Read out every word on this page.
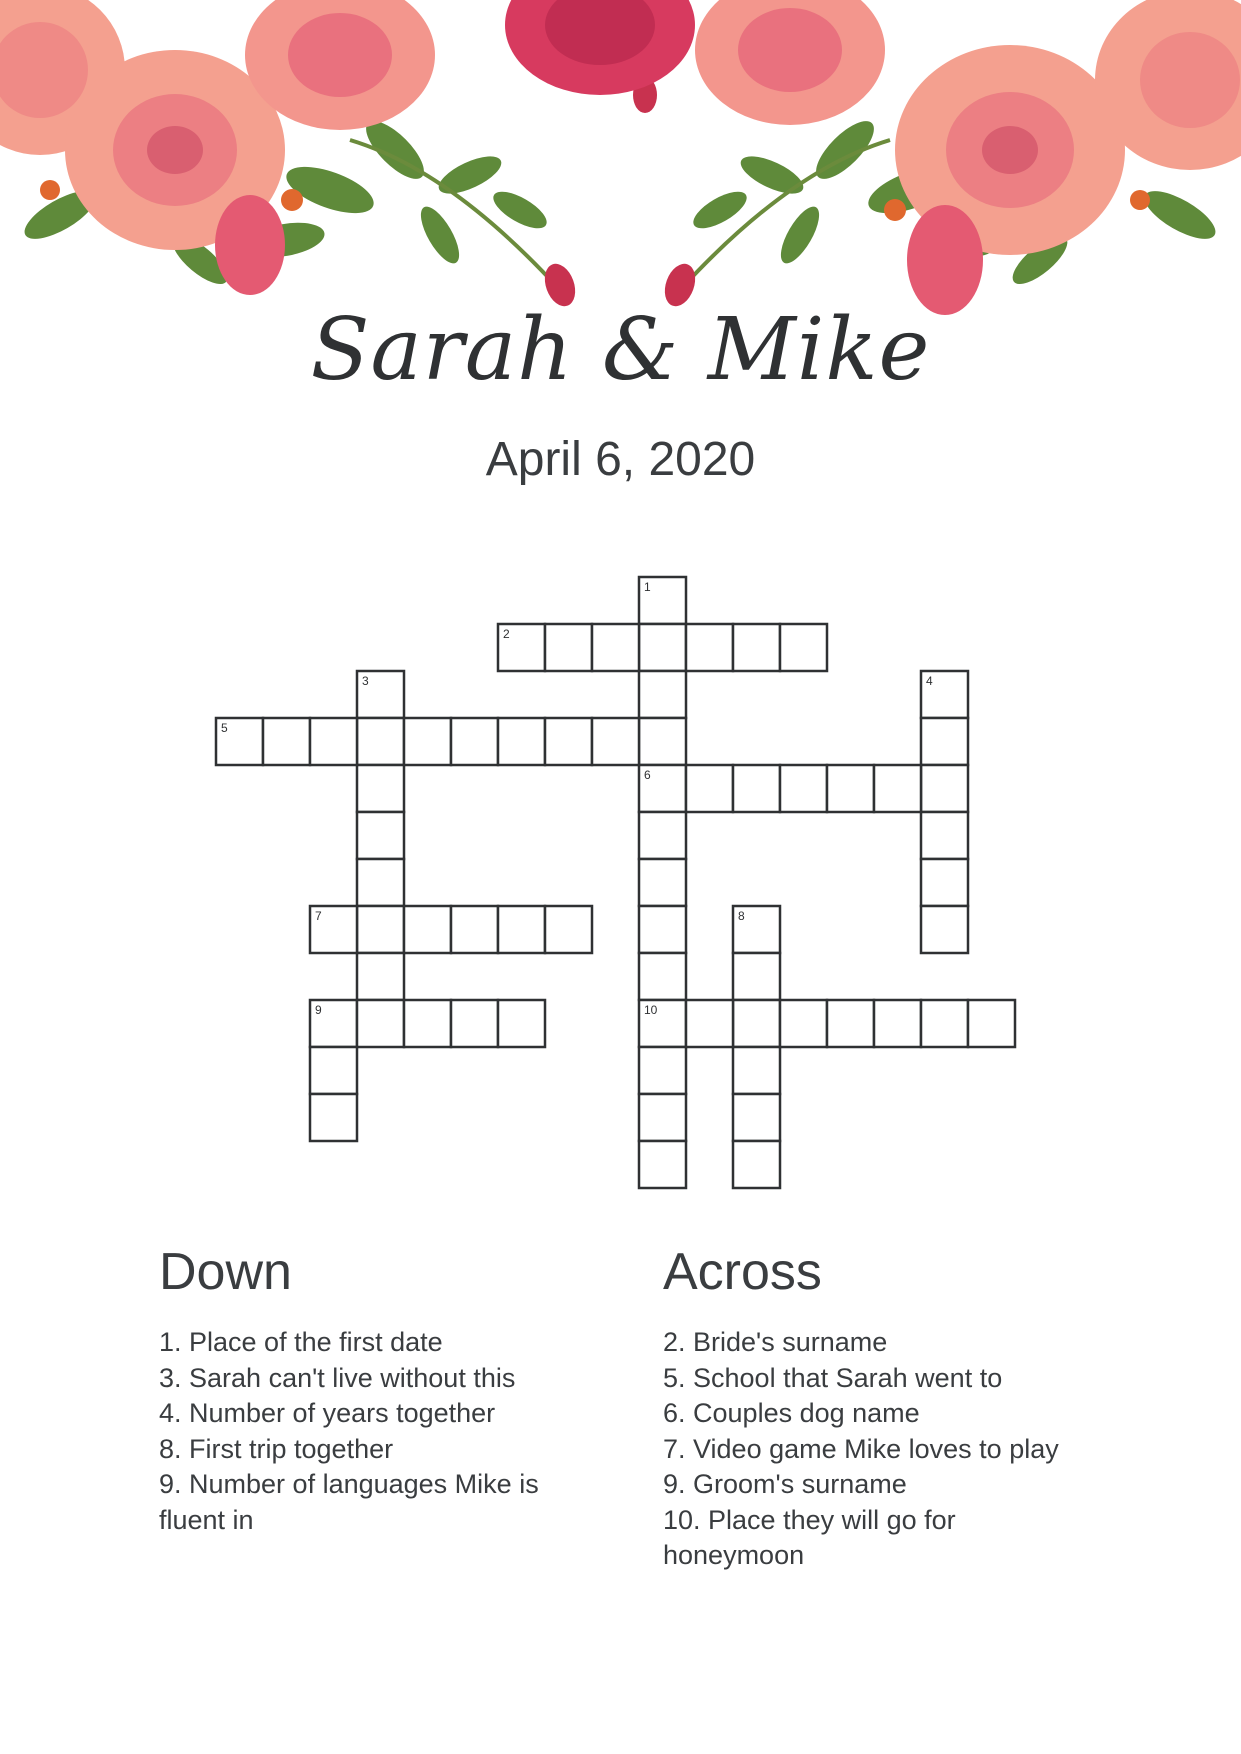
Sarah & Mike
April 6, 2020
1
2
3	4
5
6
7	8
9	10
Down
1. Place of the first date
3. Sarah can't live without this
4. Number of years together
8. First trip together
9. Number of languages Mike is fluent in
Across
2. Bride's surname
5. School that Sarah went to
6. Couples dog name
7. Video game Mike loves to play
9. Groom's surname
10. Place they will go for honeymoon
